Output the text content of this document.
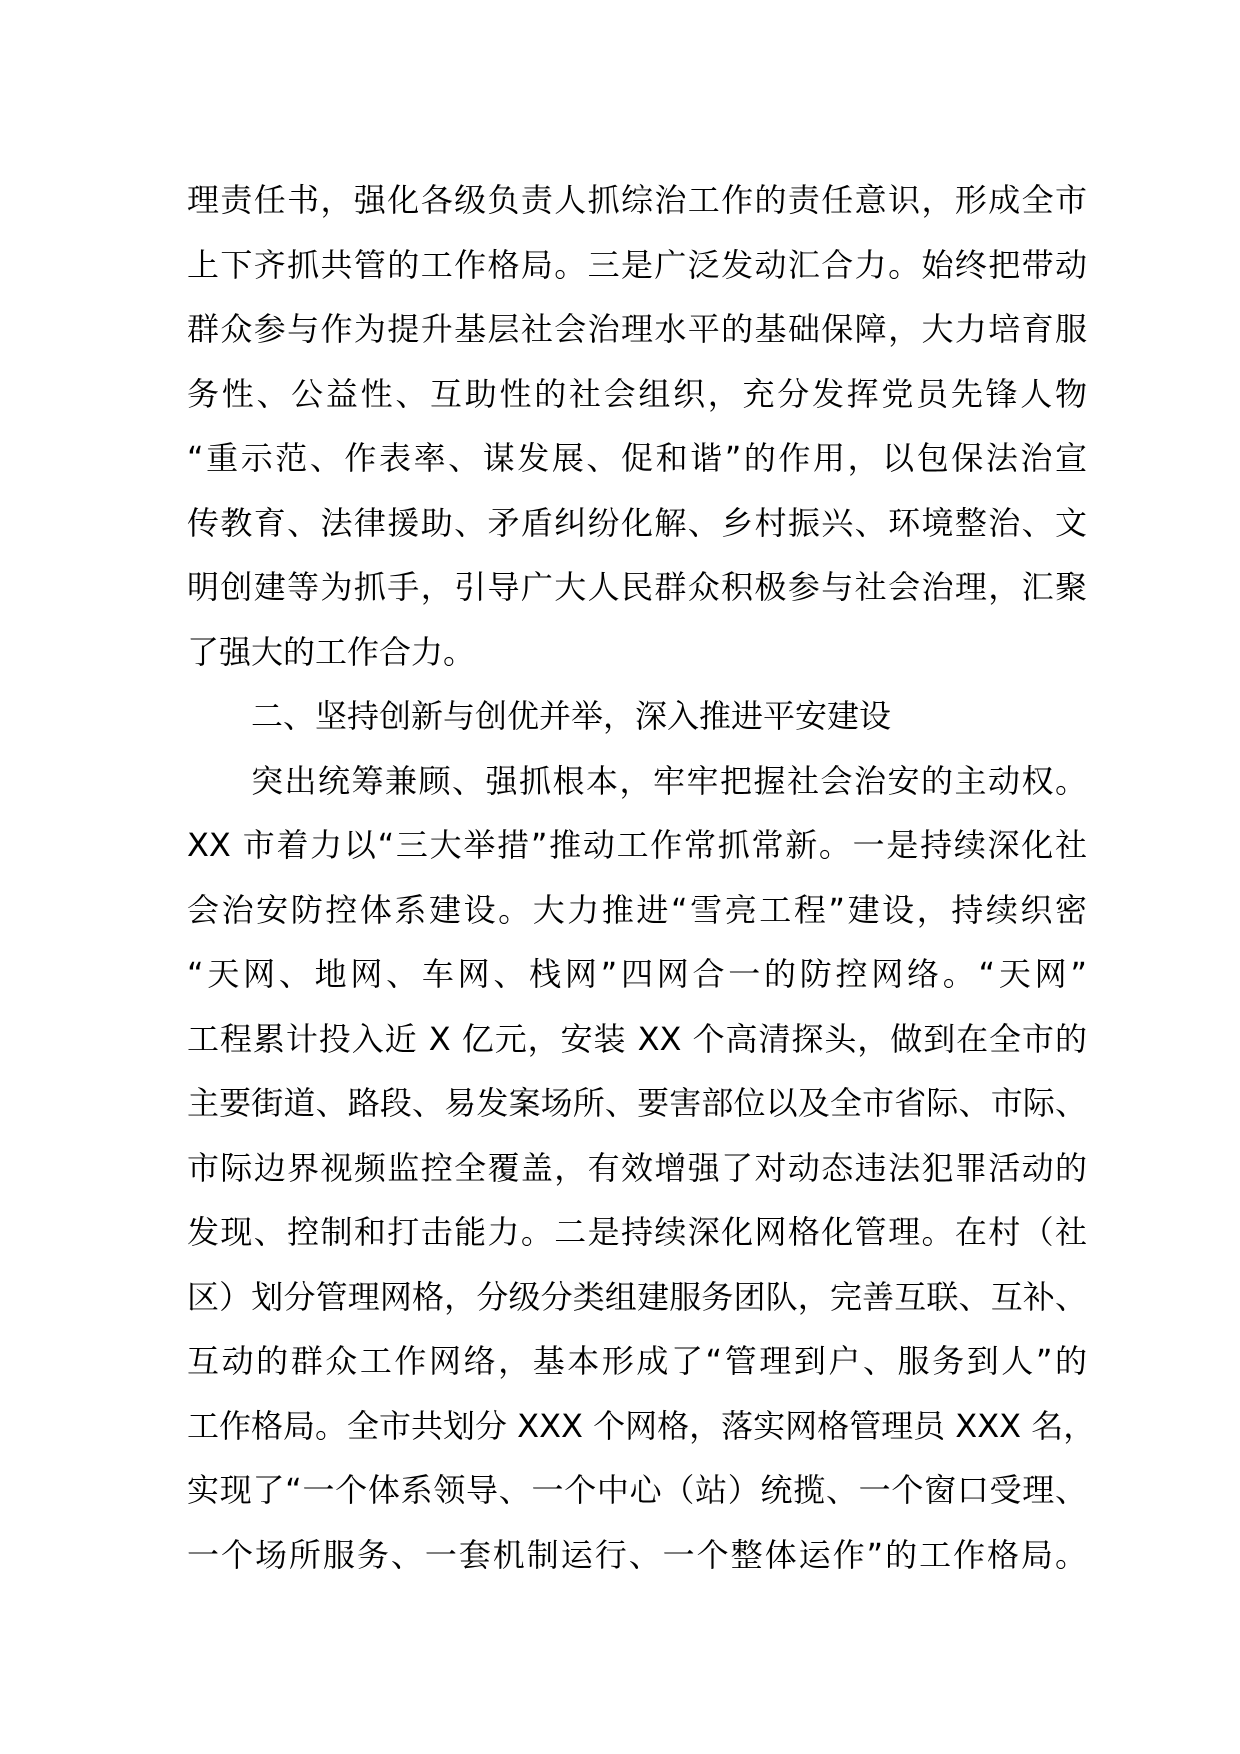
理责任书，强化各级负责人抓综治工作的责任意识，形成全市
上下齐抓共管的工作格局。三是广泛发动汇合力。始终把带动
群众参与作为提升基层社会治理水平的基础保障，大力培育服
务性、公益性、互助性的社会组织，充分发挥党员先锋人物
“重示范、作表率、谋发展、促和谐”的作用，以包保法治宣
传教育、法律援助、矛盾纠纷化解、乡村振兴、环境整治、文
明创建等为抓手，引导广大人民群众积极参与社会治理，汇聚
了强大的工作合力。
二、坚持创新与创优并举，深入推进平安建设
突出统筹兼顾、强抓根本，牢牢把握社会治安的主动权。
XX 市着力以“三大举措”推动工作常抓常新。一是持续深化社
会治安防控体系建设。大力推进“雪亮工程”建设，持续织密
“天网、地网、车网、栈网”四网合一的防控网络。“天网”
工程累计投入近 X 亿元，安装 XX 个高清探头，做到在全市的
主要街道、路段、易发案场所、要害部位以及全市省际、市际、
市际边界视频监控全覆盖，有效增强了对动态违法犯罪活动的
发现、控制和打击能力。二是持续深化网格化管理。在村（社
区）划分管理网格，分级分类组建服务团队，完善互联、互补、
互动的群众工作网络，基本形成了“管理到户、服务到人”的
工作格局。全市共划分 XXX 个网格，落实网格管理员 XXX 名，
实现了“一个体系领导、一个中心（站）统揽、一个窗口受理、
一个场所服务、一套机制运行、一个整体运作”的工作格局。
